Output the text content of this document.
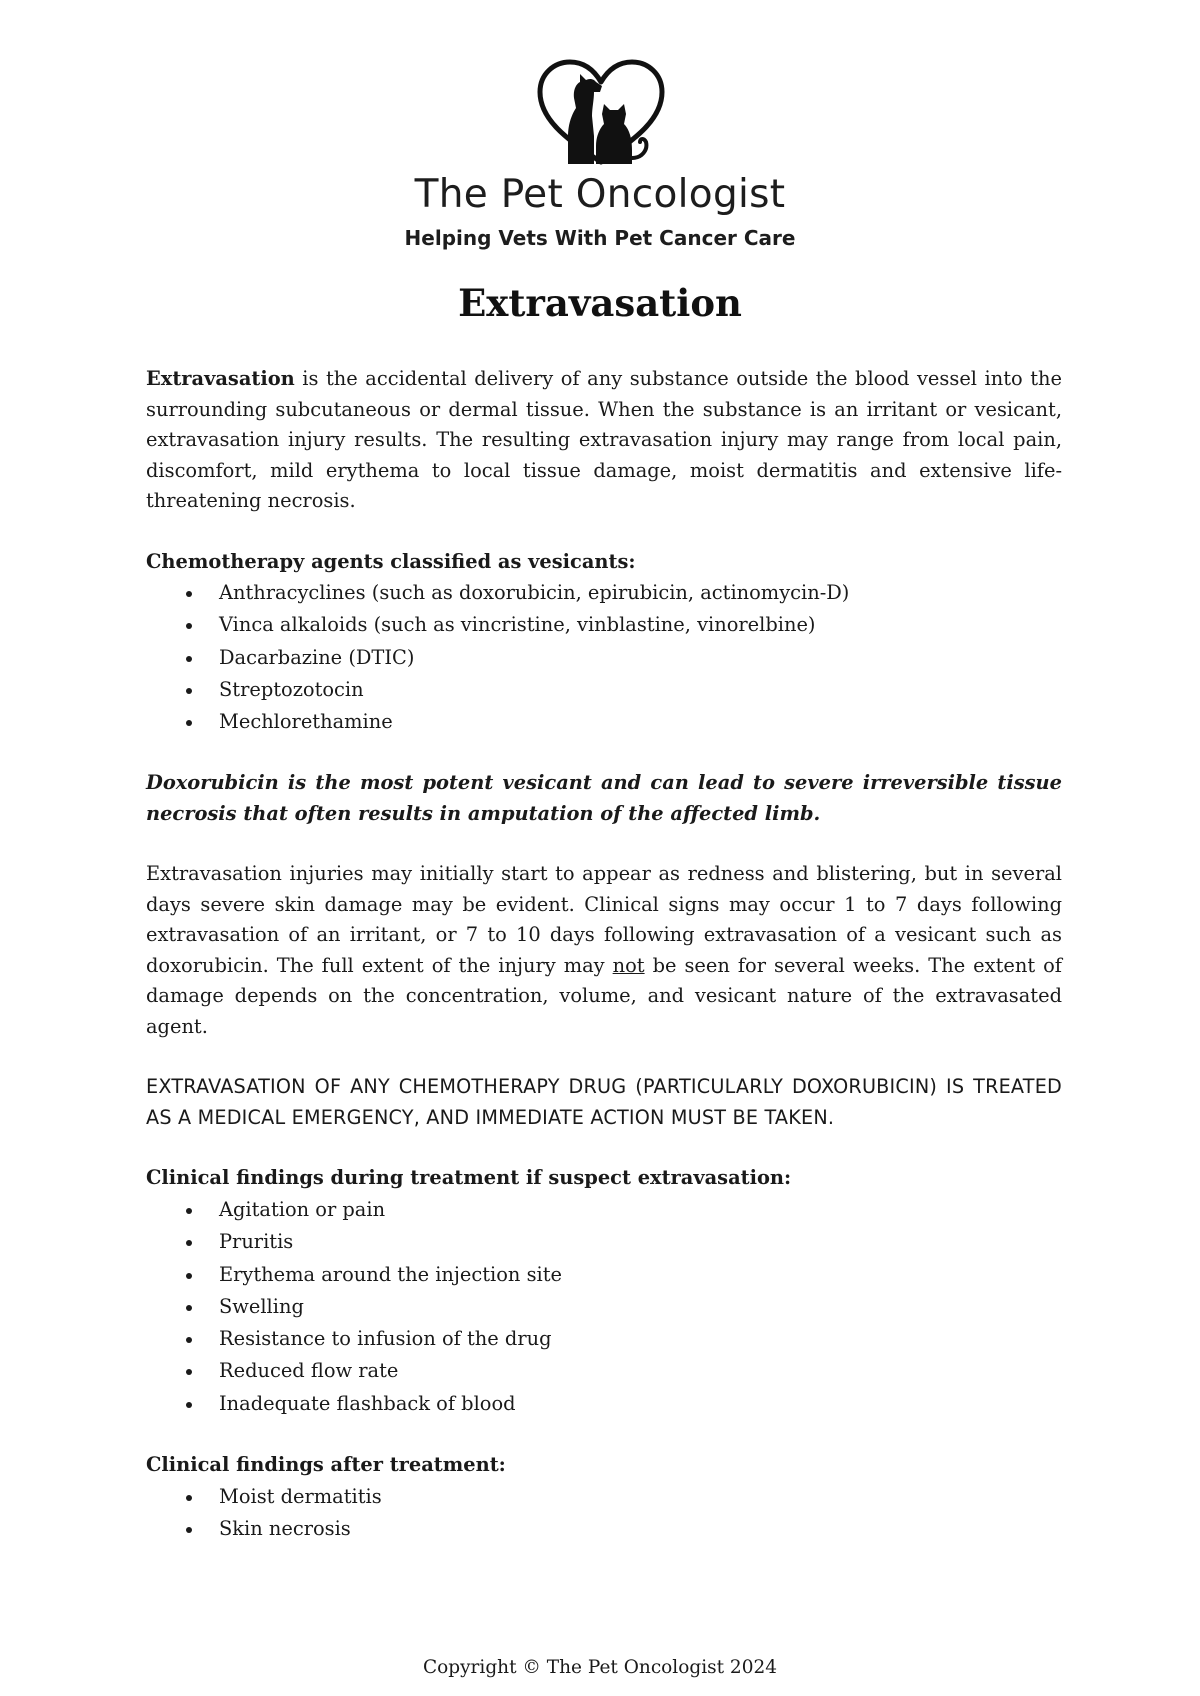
The Pet Oncologist
Helping Vets With Pet Cancer Care
Extravasation

Extravasation is the accidental delivery of any substance outside the blood vessel into the surrounding subcutaneous or dermal tissue. When the substance is an irritant or vesicant, extravasation injury results. The resulting extravasation injury may range from local pain, discomfort, mild erythema to local tissue damage, moist dermatitis and extensive life-threatening necrosis.

Chemotherapy agents classified as vesicants:

Anthracyclines (such as doxorubicin, epirubicin, actinomycin-D)
Vinca alkaloids (such as vincristine, vinblastine, vinorelbine)
Dacarbazine (DTIC)
Streptozotocin
Mechlorethamine

Doxorubicin is the most potent vesicant and can lead to severe irreversible tissue necrosis that often results in amputation of the affected limb.

Extravasation injuries may initially start to appear as redness and blistering, but in several days severe skin damage may be evident. Clinical signs may occur 1 to 7 days following extravasation of an irritant, or 7 to 10 days following extravasation of a vesicant such as doxorubicin. The full extent of the injury may not be seen for several weeks. The extent of damage depends on the concentration, volume, and vesicant nature of the extravasated agent.

EXTRAVASATION OF ANY CHEMOTHERAPY DRUG (PARTICULARLY DOXORUBICIN) IS TREATED AS A MEDICAL EMERGENCY, AND IMMEDIATE ACTION MUST BE TAKEN.

Clinical findings during treatment if suspect extravasation:

Agitation or pain
Pruritis
Erythema around the injection site
Swelling
Resistance to infusion of the drug
Reduced flow rate
Inadequate flashback of blood

Clinical findings after treatment:

Moist dermatitis
Skin necrosis
Copyright © The Pet Oncologist 2024
